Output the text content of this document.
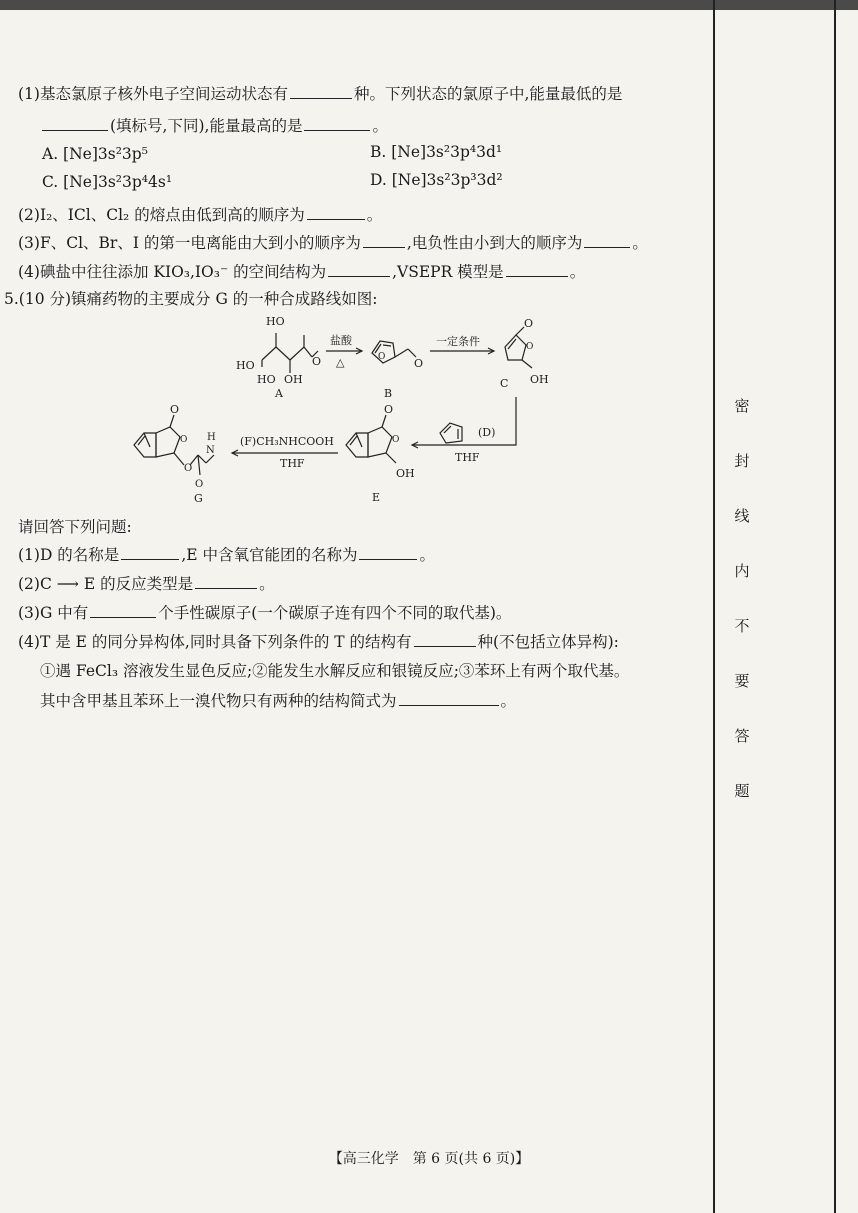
(1)基态氯原子核外电子空间运动状态有	种。下列状态的氯原子中,能量最低的是
(填标号,下同),能量最高的是	。
A. [Ne]3s²3p⁵	B. [Ne]3s²3p⁴3d¹
C. [Ne]3s²3p⁴4s¹	D. [Ne]3s²3p³3d²
(2)I₂、ICl、Cl₂ 的熔点由低到高的顺序为	。
(3)F、Cl、Br、I 的第一电离能由大到小的顺序为	,电负性由小到大的顺序为	。
(4)碘盐中往往添加 KIO₃,IO₃⁻ 的空间结构为	,VSEPR 模型是	。
5.(10 分)镇痛药物的主要成分 G 的一种合成路线如图:
HO
HO
HO OH
O
A
盐酸
△	O	O
B
一定条件
O
O
OH
C
(D)
THF
O
O
OH
E
(F)CH₃NHCOOH
THF
O
O
O
O
H
N
G
请回答下列问题:
(1)D 的名称是	,E 中含氧官能团的名称为	。
(2)C ⟶ E 的反应类型是	。
(3)G 中有	个手性碳原子(一个碳原子连有四个不同的取代基)。
(4)T 是 E 的同分异构体,同时具备下列条件的 T 的结构有	种(不包括立体异构):
①遇 FeCl₃ 溶液发生显色反应;②能发生水解反应和银镜反应;③苯环上有两个取代基。
其中含甲基且苯环上一溴代物只有两种的结构简式为	。
密
封
线
内
不
要
答
题
【高三化学　第 6 页(共 6 页)】
